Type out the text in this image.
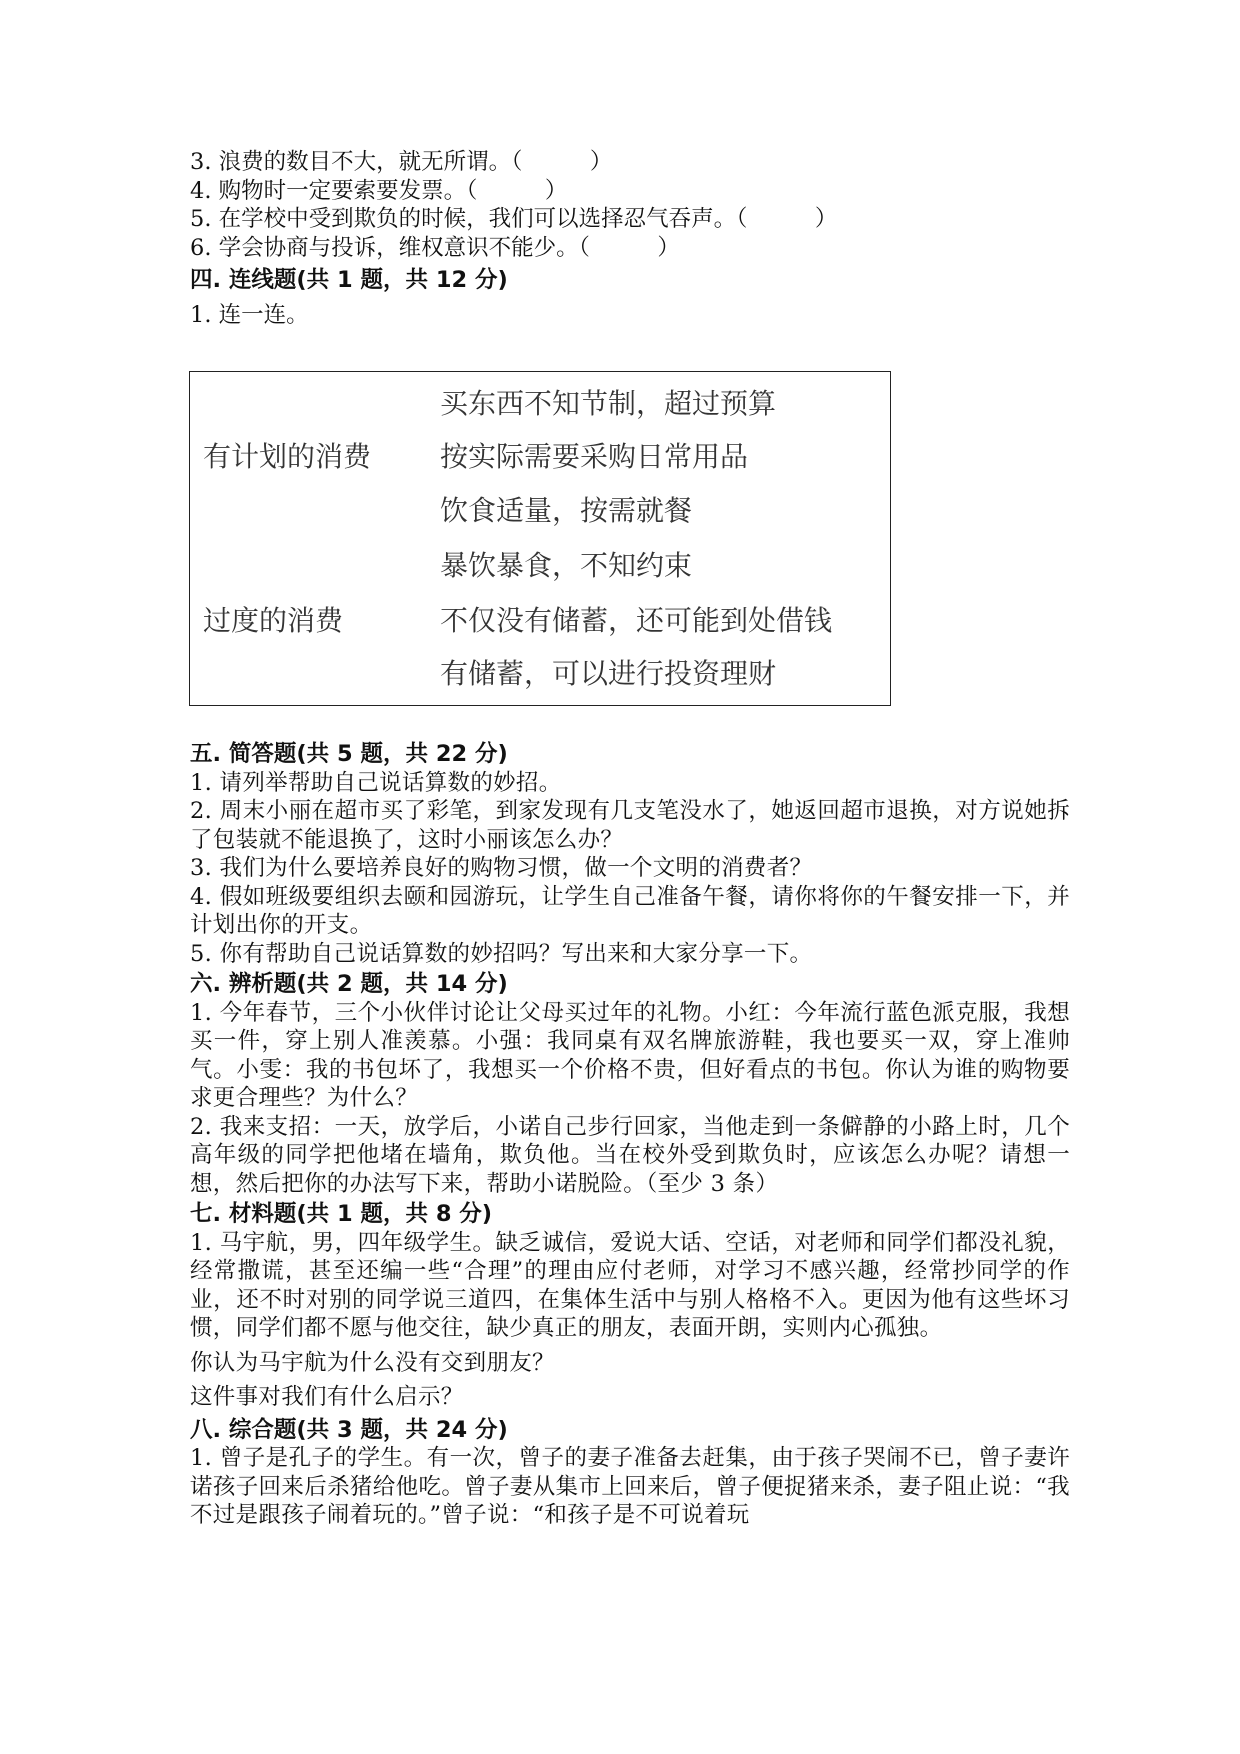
3. 浪费的数目不大，就无所谓。（　　　）
4. 购物时一定要索要发票。（　　　）
5. 在学校中受到欺负的时候，我们可以选择忍气吞声。（　　　）
6. 学会协商与投诉，维权意识不能少。（　　　）
四. 连线题(共 1 题，共 12 分)
1. 连一连。
有计划的消费
过度的消费
买东西不知节制，超过预算
按实际需要采购日常用品
饮食适量，按需就餐
暴饮暴食，不知约束
不仅没有储蓄，还可能到处借钱
有储蓄，可以进行投资理财
五. 简答题(共 5 题，共 22 分)

1. 请列举帮助自己说话算数的妙招。

2. 周末小丽在超市买了彩笔，到家发现有几支笔没水了，她返回超市退换，对方说她拆了包装就不能退换了，这时小丽该怎么办？

3. 我们为什么要培养良好的购物习惯，做一个文明的消费者？

4. 假如班级要组织去颐和园游玩，让学生自己准备午餐，请你将你的午餐安排一下，并计划出你的开支。

5. 你有帮助自己说话算数的妙招吗？写出来和大家分享一下。

六. 辨析题(共 2 题，共 14 分)

1. 今年春节，三个小伙伴讨论让父母买过年的礼物。小红：今年流行蓝色派克服，我想买一件，穿上别人准羡慕。小强：我同桌有双名牌旅游鞋，我也要买一双，穿上准帅气。小雯：我的书包坏了，我想买一个价格不贵，但好看点的书包。你认为谁的购物要求更合理些？为什么？

2. 我来支招：一天，放学后，小诺自己步行回家，当他走到一条僻静的小路上时，几个高年级的同学把他堵在墙角，欺负他。当在校外受到欺负时，应该怎么办呢？请想一想，然后把你的办法写下来，帮助小诺脱险。（至少 3 条）

七. 材料题(共 1 题，共 8 分)

1. 马宇航，男，四年级学生。缺乏诚信，爱说大话、空话，对老师和同学们都没礼貌，经常撒谎，甚至还编一些“合理”的理由应付老师，对学习不感兴趣，经常抄同学的作业，还不时对别的同学说三道四，在集体生活中与别人格格不入。更因为他有这些坏习惯，同学们都不愿与他交往，缺少真正的朋友，表面开朗，实则内心孤独。

你认为马宇航为什么没有交到朋友？

这件事对我们有什么启示？

八. 综合题(共 3 题，共 24 分)

1. 曾子是孔子的学生。有一次，曾子的妻子准备去赶集，由于孩子哭闹不已，曾子妻许诺孩子回来后杀猪给他吃。曾子妻从集市上回来后，曾子便捉猪来杀，妻子阻止说：“我不过是跟孩子闹着玩的。”曾子说：“和孩子是不可说着玩
